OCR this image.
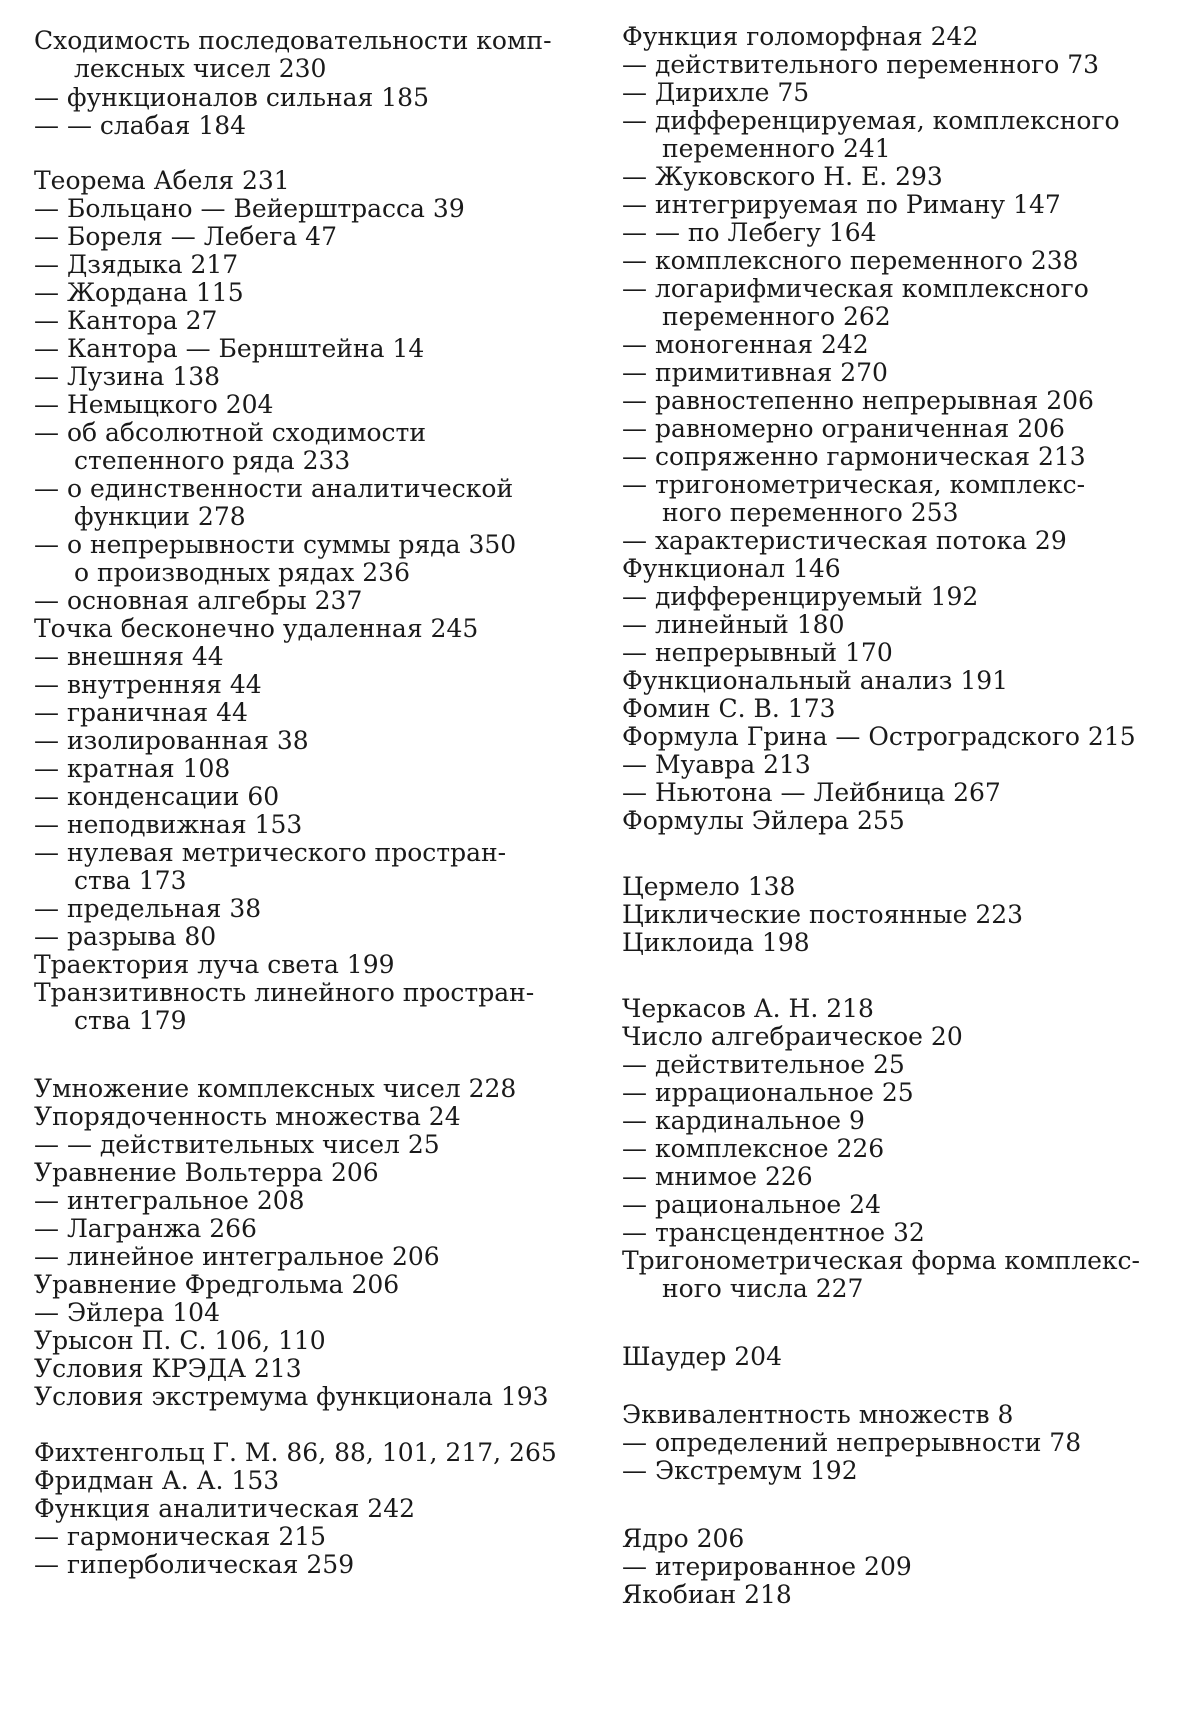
Сходимость последовательности комп-
лексных чисел 230
— функционалов сильная 185
— — слабая 184
Теорема Абеля 231
— Больцано — Вейерштрасса 39
— Бореля — Лебега 47
— Дзядыка 217
— Жордана 115
— Кантора 27
— Кантора — Бернштейна 14
— Лузина 138
— Немыцкого 204
— об абсолютной сходимости
степенного ряда 233
— о единственности аналитической
функции 278
— о непрерывности суммы ряда 350
о производных рядах 236
— основная алгебры 237
Точка бесконечно удаленная 245
— внешняя 44
— внутренняя 44
— граничная 44
— изолированная 38
— кратная 108
— конденсации 60
— неподвижная 153
— нулевая метрического простран-
ства 173
— предельная 38
— разрыва 80
Траектория луча света 199
Транзитивность линейного простран-
ства 179
Умножение комплексных чисел 228
Упорядоченность множества 24
— — действительных чисел 25
Уравнение Вольтерра 206
— интегральное 208
— Лагранжа 266
— линейное интегральное 206
Уравнение Фредгольма 206
— Эйлера 104
Урысон П. С. 106, 110
Условия КРЭДА 213
Условия экстремума функционала 193
Фихтенгольц Г. М. 86, 88, 101, 217, 265
Фридман А. А. 153
Функция аналитическая 242
— гармоническая 215
— гиперболическая 259
Функция голоморфная 242
— действительного переменного 73
— Дирихле 75
— дифференцируемая, комплексного
переменного 241
— Жуковского Н. Е. 293
— интегрируемая по Риману 147
— — по Лебегу 164
— комплексного переменного 238
— логарифмическая комплексного
переменного 262
— моногенная 242
— примитивная 270
— равностепенно непрерывная 206
— равномерно ограниченная 206
— сопряженно гармоническая 213
— тригонометрическая, комплекс-
ного переменного 253
— характеристическая потока 29
Функционал 146
— дифференцируемый 192
— линейный 180
— непрерывный 170
Функциональный анализ 191
Фомин С. В. 173
Формула Грина — Остроградского 215
— Муавра 213
— Ньютона — Лейбница 267
Формулы Эйлера 255
Цермело 138
Циклические постоянные 223
Циклоида 198
Черкасов А. Н. 218
Число алгебраическое 20
— действительное 25
— иррациональное 25
— кардинальное 9
— комплексное 226
— мнимое 226
— рациональное 24
— трансцендентное 32
Тригонометрическая форма комплекс-
ного числа 227
Шаудер 204
Эквивалентность множеств 8
— определений непрерывности 78
— Экстремум 192
Ядро 206
— итерированное 209
Якобиан 218
